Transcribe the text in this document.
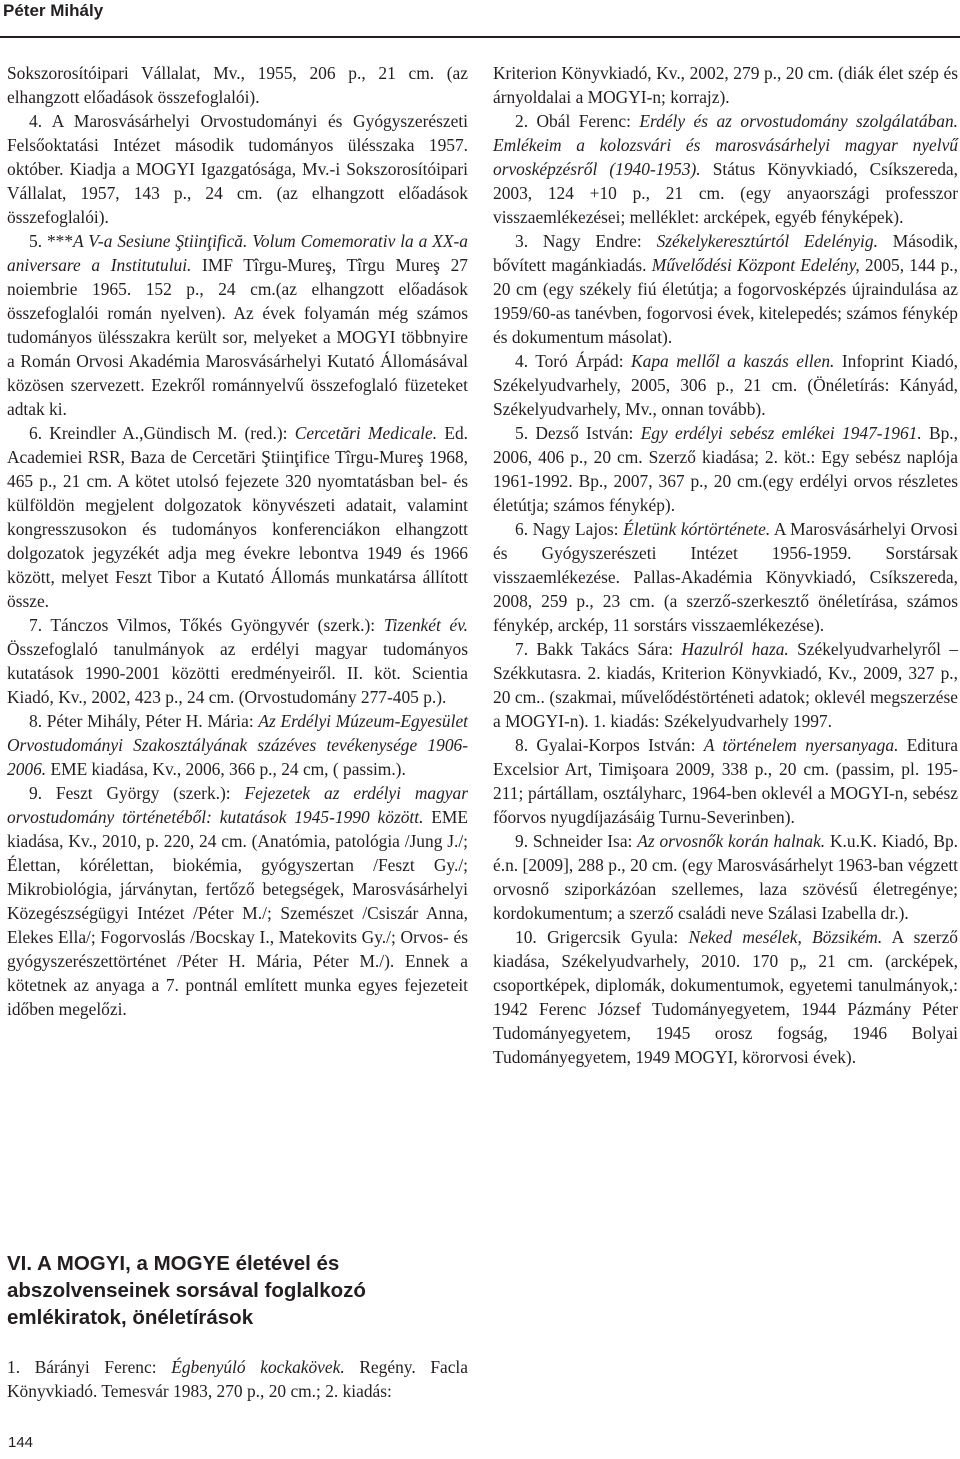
Péter Mihály

Sokszorosítóipari Vállalat, Mv., 1955, 206 p., 21 cm. (az elhangzott előadások összefoglalói).

4. A Marosvásárhelyi Orvostudományi és Gyógyszerészeti Felsőoktatási Intézet második tudományos ülésszaka 1957. október. Kiadja a MOGYI Igazgatósága, Mv.-i Sokszorosítóipari Vállalat, 1957, 143 p., 24 cm. (az elhangzott előadások összefoglalói).

5. ***A V-a Sesiune Ştiinţifică. Volum Comemorativ la a XX-a aniversare a Institutului. IMF Tîrgu-Mureş, Tîrgu Mureş 27 noiembrie 1965. 152 p., 24 cm.(az elhangzott előadások összefoglalói román nyelven). Az évek folyamán még számos tudományos ülésszakra került sor, melyeket a MOGYI többnyire a Román Orvosi Akadémia Marosvásárhelyi Kutató Állomásával közösen szervezett. Ezekről románnyelvű összefoglaló füzeteket adtak ki.

6. Kreindler A.,Gündisch M. (red.): Cercetări Medicale. Ed. Academiei RSR, Baza de Cercetări Ştiinţifice Tîrgu-Mureş 1968, 465 p., 21 cm. A kötet utolsó fejezete 320 nyomtatásban bel- és külföldön megjelent dolgozatok könyvészeti adatait, valamint kongresszusokon és tudományos konferenciákon elhangzott dolgozatok jegyzékét adja meg évekre lebontva 1949 és 1966 között, melyet Feszt Tibor a Kutató Állomás munkatársa állított össze.

7. Tánczos Vilmos, Tőkés Gyöngyvér (szerk.): Tizenkét év. Összefoglaló tanulmányok az erdélyi magyar tudományos kutatások 1990-2001 közötti eredményeiről. II. köt. Scientia Kiadó, Kv., 2002, 423 p., 24 cm. (Orvostudomány 277-405 p.).

8. Péter Mihály, Péter H. Mária: Az Erdélyi Múzeum-Egyesület Orvostudományi Szakosztályának százéves tevékenysége 1906-2006. EME kiadása, Kv., 2006, 366 p., 24 cm, ( passim.).

9. Feszt György (szerk.): Fejezetek az erdélyi magyar orvostudomány történetéből: kutatások 1945-1990 között. EME kiadása, Kv., 2010, p. 220, 24 cm. (Anatómia, patológia /Jung J./; Élettan, kórélettan, biokémia, gyógyszertan /Feszt Gy./; Mikrobiológia, járványtan, fertőző betegségek, Marosvásárhelyi Közegészségügyi Intézet /Péter M./; Szemészet /Csiszár Anna, Elekes Ella/; Fogorvoslás /Bocskay I., Matekovits Gy./; Orvos- és gyógyszerészettörténet /Péter H. Mária, Péter M./). Ennek a kötetnek az anyaga a 7. pontnál említett munka egyes fejezeteit időben megelőzi.

VI. A MOGYI, a MOGYE életével és abszolvenseinek sorsával foglalkozó emlékiratok, önéletírások

1. Bárányi Ferenc: Égbenyúló kockakövek. Regény. Facla Könyvkiadó. Temesvár 1983, 270 p., 20 cm.; 2. kiadás:

Kriterion Könyvkiadó, Kv., 2002, 279 p., 20 cm. (diák élet szép és árnyoldalai a MOGYI-n; korrajz).

2. Obál Ferenc: Erdély és az orvostudomány szolgálatában. Emlékeim a kolozsvári és marosvásárhelyi magyar nyelvű orvosképzésről (1940-1953). Státus Könyvkiadó, Csíkszereda, 2003, 124 +10 p., 21 cm. (egy anyaországi professzor visszaemlékezései; melléklet: arcképek, egyéb fényképek).

3. Nagy Endre: Székelykeresztúrtól Edelényig. Második, bővített magánkiadás. Művelődési Központ Edelény, 2005, 144 p., 20 cm (egy székely fiú életútja; a fogorvosképzés újraindulása az 1959/60-as tanévben, fogorvosi évek, kitelepedés; számos fénykép és dokumentum másolat).

4. Toró Árpád: Kapa mellől a kaszás ellen. Infoprint Kiadó, Székelyudvarhely, 2005, 306 p., 21 cm. (Önéletírás: Kányád, Székelyudvarhely, Mv., onnan tovább).

5. Dezső István: Egy erdélyi sebész emlékei 1947-1961. Bp., 2006, 406 p., 20 cm. Szerző kiadása; 2. köt.: Egy sebész naplója 1961-1992. Bp., 2007, 367 p., 20 cm.(egy erdélyi orvos részletes életútja; számos fénykép).

6. Nagy Lajos: Életünk kórtörténete. A Marosvásárhelyi Orvosi és Gyógyszerészeti Intézet 1956-1959. Sorstársak visszaemlékezése. Pallas-Akadémia Könyvkiadó, Csíkszereda, 2008, 259 p., 23 cm. (a szerző-szerkesztő önéletírása, számos fénykép, arckép, 11 sorstárs visszaemlékezése).

7. Bakk Takács Sára: Hazulról haza. Székelyudvarhelyről – Székkutasra. 2. kiadás, Kriterion Könyvkiadó, Kv., 2009, 327 p., 20 cm.. (szakmai, művelődéstörténeti adatok; oklevél megszerzése a MOGYI-n). 1. kiadás: Székelyudvarhely 1997.

8. Gyalai-Korpos István: A történelem nyersanyaga. Editura Excelsior Art, Timişoara 2009, 338 p., 20 cm. (passim, pl. 195-211; pártállam, osztályharc, 1964-ben oklevél a MOGYI-n, sebész főorvos nyugdíjazásáig Turnu-Severinben).

9. Schneider Isa: Az orvosnők korán halnak. K.u.K. Kiadó, Bp. é.n. [2009], 288 p., 20 cm. (egy Marosvásárhelyt 1963-ban végzett orvosnő sziporkázóan szellemes, laza szövésű életregénye; kordokumentum; a szerző családi neve Szálasi Izabella dr.).

10. Grigercsik Gyula: Neked mesélek, Bözsikém. A szerző kiadása, Székelyudvarhely, 2010. 170 p„ 21 cm. (arcképek, csoportképek, diplomák, dokumentumok, egyetemi tanulmányok,: 1942 Ferenc József Tudományegyetem, 1944 Pázmány Péter Tudományegyetem, 1945 orosz fogság, 1946 Bolyai Tudományegyetem, 1949 MOGYI, körorvosi évek).

144
